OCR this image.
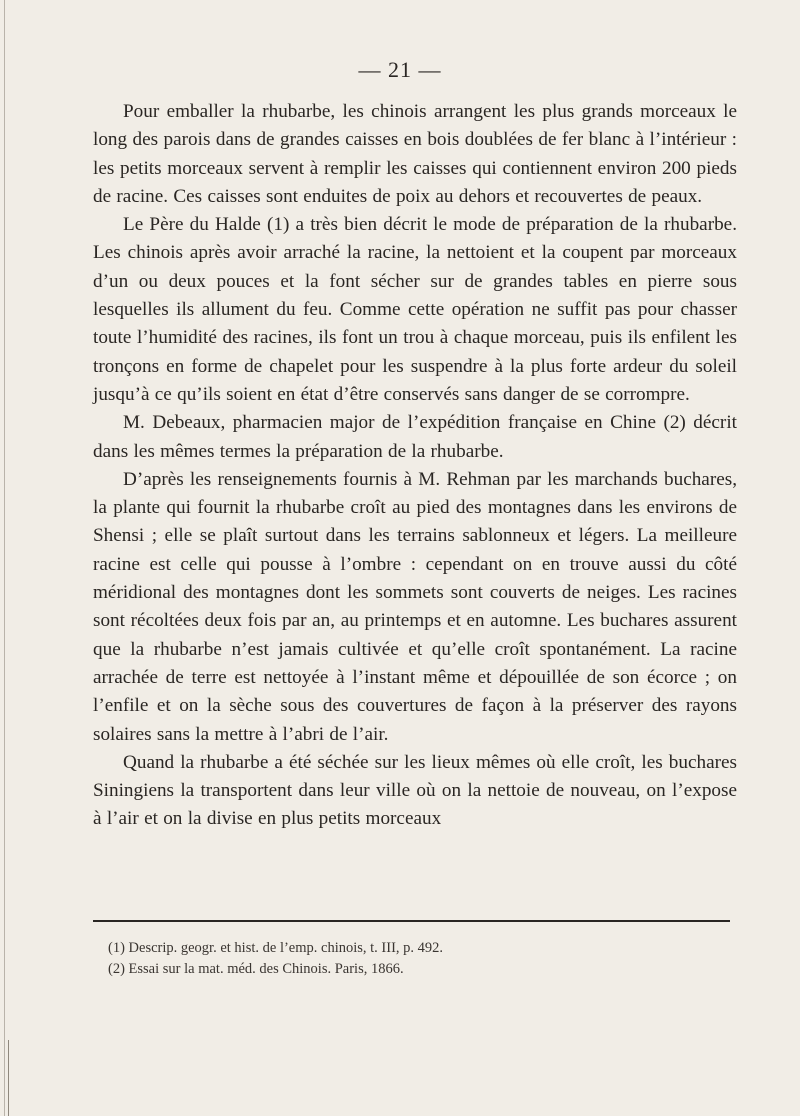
— 21 —

Pour emballer la rhubarbe, les chinois arrangent les plus grands morceaux le long des parois dans de grandes caisses en bois doublées de fer blanc à l’intérieur : les petits morceaux servent à remplir les caisses qui contiennent environ 200 pieds de racine. Ces caisses sont enduites de poix au dehors et recouvertes de peaux.

Le Père du Halde (1) a très bien décrit le mode de préparation de la rhubarbe. Les chinois après avoir arraché la racine, la nettoient et la coupent par morceaux d’un ou deux pouces et la font sécher sur de grandes tables en pierre sous lesquelles ils allument du feu. Comme cette opération ne suffit pas pour chasser toute l’humidité des racines, ils font un trou à chaque morceau, puis ils enfilent les tronçons en forme de chapelet pour les suspendre à la plus forte ardeur du soleil jusqu’à ce qu’ils soient en état d’être conservés sans danger de se corrompre.

M. Debeaux, pharmacien major de l’expédition française en Chine (2) décrit dans les mêmes termes la préparation de la rhubarbe.

D’après les renseignements fournis à M. Rehman par les marchands buchares, la plante qui fournit la rhubarbe croît au pied des montagnes dans les environs de Shensi ; elle se plaît surtout dans les terrains sablonneux et légers. La meilleure racine est celle qui pousse à l’ombre : cependant on en trouve aussi du côté méridional des montagnes dont les sommets sont couverts de neiges. Les racines sont récoltées deux fois par an, au printemps et en automne. Les buchares assurent que la rhubarbe n’est jamais cultivée et qu’elle croît spontanément. La racine arrachée de terre est nettoyée à l’instant même et dépouillée de son écorce ; on l’enfile et on la sèche sous des couvertures de façon à la préserver des rayons solaires sans la mettre à l’abri de l’air.

Quand la rhubarbe a été séchée sur les lieux mêmes où elle croît, les buchares Siningiens la transportent dans leur ville où on la nettoie de nouveau, on l’expose à l’air et on la divise en plus petits morceaux

(1) Descrip. geogr. et hist. de l’emp. chinois, t. III, p. 492.
(2) Essai sur la mat. méd. des Chinois. Paris, 1866.
